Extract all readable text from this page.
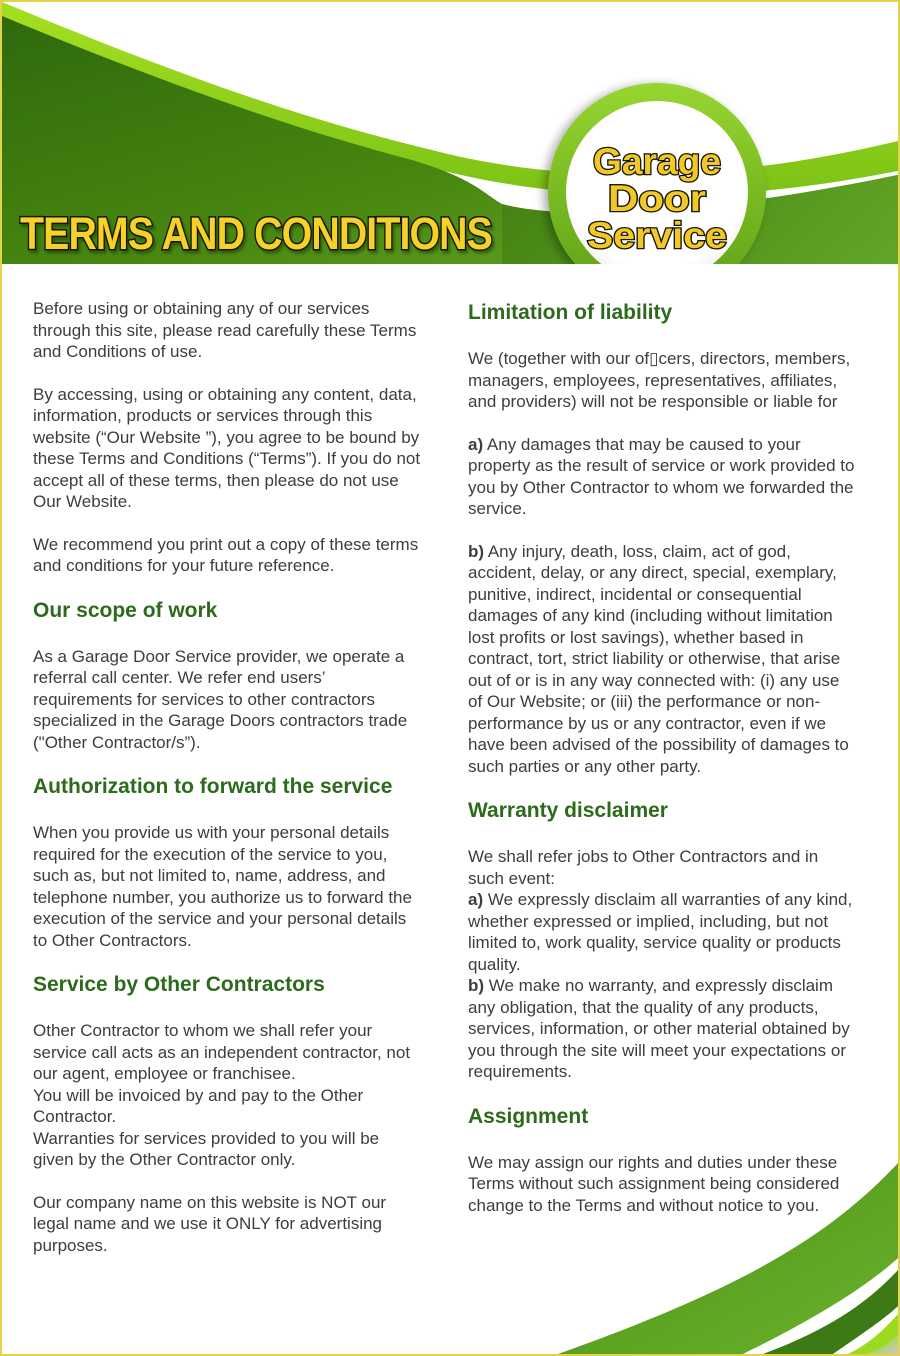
TERMS AND CONDITIONS
Garage
Door
Service

Before using or obtaining any of our services through this site, please read carefully these Terms and Conditions of use.

By accessing, using or obtaining any content, data, information, products or services through this website (“Our Website ”), you agree to be bound by these Terms and Conditions (“Terms”). If you do not accept all of these terms, then please do not use Our Website.

We recommend you print out a copy of these terms and conditions for your future reference.

Our scope of work

As a Garage Door Service provider, we operate a referral call center. We refer end users’ requirements for services to other contractors specialized in the Garage Doors contractors trade ("Other Contractor/s”).

Authorization to forward the service

When you provide us with your personal details required for the execution of the service to you, such as, but not limited to, name, address, and telephone number, you authorize us to forward the execution of the service and your personal details to Other Contractors.

Service by Other Contractors

Other Contractor to whom we shall refer your service call acts as an independent contractor, not our agent, employee or franchisee.
You will be invoiced by and pay to the Other Contractor.
Warranties for services provided to you will be given by the Other Contractor only.

Our company name on this website is NOT our legal name and we use it ONLY for advertising purposes.

Limitation of liability

We (together with our of▯cers, directors, members, managers, employees, representatives, affiliates, and providers) will not be responsible or liable for

a) Any damages that may be caused to your property as the result of service or work provided to you by Other Contractor to whom we forwarded the service.

b) Any injury, death, loss, claim, act of god, accident, delay, or any direct, special, exemplary, punitive, indirect, incidental or consequential damages of any kind (including without limitation lost profits or lost savings), whether based in contract, tort, strict liability or otherwise, that arise out of or is in any way connected with: (i) any use of Our Website; or (iii) the performance or non-performance by us or any contractor, even if we have been advised of the possibility of damages to such parties or any other party.

Warranty disclaimer

We shall refer jobs to Other Contractors and in such event:
a) We expressly disclaim all warranties of any kind, whether expressed or implied, including, but not limited to, work quality, service quality or products quality.
b) We make no warranty, and expressly disclaim any obligation, that the quality of any products, services, information, or other material obtained by you through the site will meet your expectations or requirements.

Assignment

We may assign our rights and duties under these Terms without such assignment being considered change to the Terms and without notice to you.
